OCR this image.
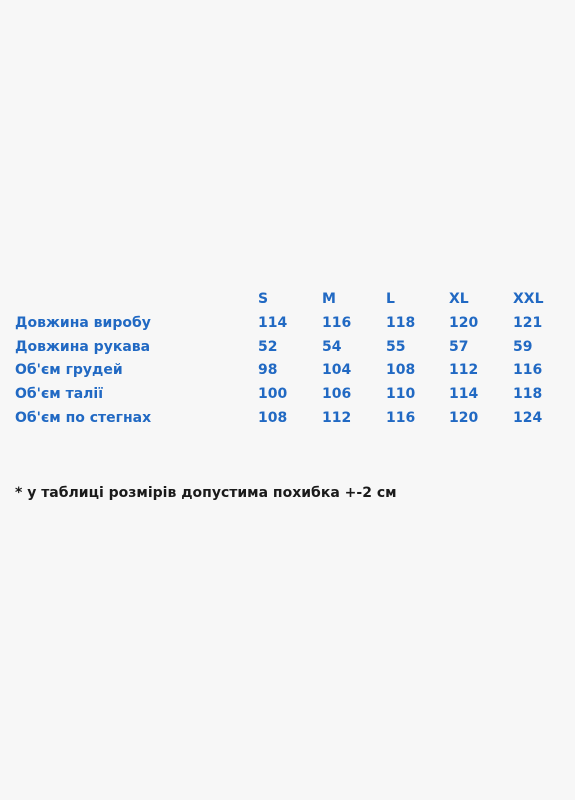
S	M	L	XL	XXL
Довжина виробу	114 116 118 120 121
Довжина рукава	52	54	55	57	59
Об'єм грудей	98	104 108 112 116
Об'єм талії	100 106 110 114 118
Об'єм по стегнах	108 112 116 120 124
* у таблиці розмірів допустима похибка +-2 см
